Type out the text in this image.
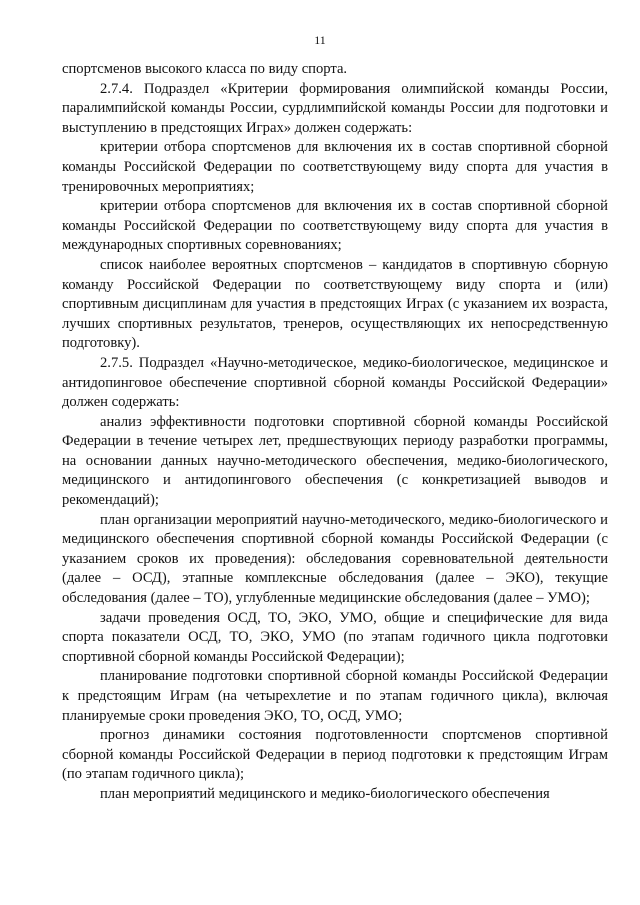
11

спортсменов высокого класса по виду спорта.

2.7.4. Подраздел «Критерии формирования олимпийской команды России, паралимпийской команды России, сурдлимпийской команды России для подготовки и выступлению в предстоящих Играх» должен содержать:

критерии отбора спортсменов для включения их в состав спортивной сборной команды Российской Федерации по соответствующему виду спорта для участия в тренировочных мероприятиях;

критерии отбора спортсменов для включения их в состав спортивной сборной команды Российской Федерации по соответствующему виду спорта для участия в международных спортивных соревнованиях;

список наиболее вероятных спортсменов – кандидатов в спортивную сборную команду Российской Федерации по соответствующему виду спорта и (или) спортивным дисциплинам для участия в предстоящих Играх (с указанием их возраста, лучших спортивных результатов, тренеров, осуществляющих их непосредственную подготовку).

2.7.5. Подраздел «Научно-методическое, медико-биологическое, медицинское и антидопинговое обеспечение спортивной сборной команды Российской Федерации» должен содержать:

анализ эффективности подготовки спортивной сборной команды Российской Федерации в течение четырех лет, предшествующих периоду разработки программы, на основании данных научно-методического обеспечения, медико-биологического, медицинского и антидопингового обеспечения (с конкретизацией выводов и рекомендаций);

план организации мероприятий научно-методического, медико-биологического и медицинского обеспечения спортивной сборной команды Российской Федерации (с указанием сроков их проведения): обследования соревновательной деятельности (далее – ОСД), этапные комплексные обследования (далее – ЭКО), текущие обследования (далее – ТО), углубленные медицинские обследования (далее – УМО);

задачи проведения ОСД, ТО, ЭКО, УМО, общие и специфические для вида спорта показатели ОСД, ТО, ЭКО, УМО (по этапам годичного цикла подготовки спортивной сборной команды Российской Федерации);

планирование подготовки спортивной сборной команды Российской Федерации к предстоящим Играм (на четырехлетие и по этапам годичного цикла), включая планируемые сроки проведения ЭКО, ТО, ОСД, УМО;

прогноз динамики состояния подготовленности спортсменов спортивной сборной команды Российской Федерации в период подготовки к предстоящим Играм (по этапам годичного цикла);

план мероприятий медицинского и медико-биологического обеспечения
